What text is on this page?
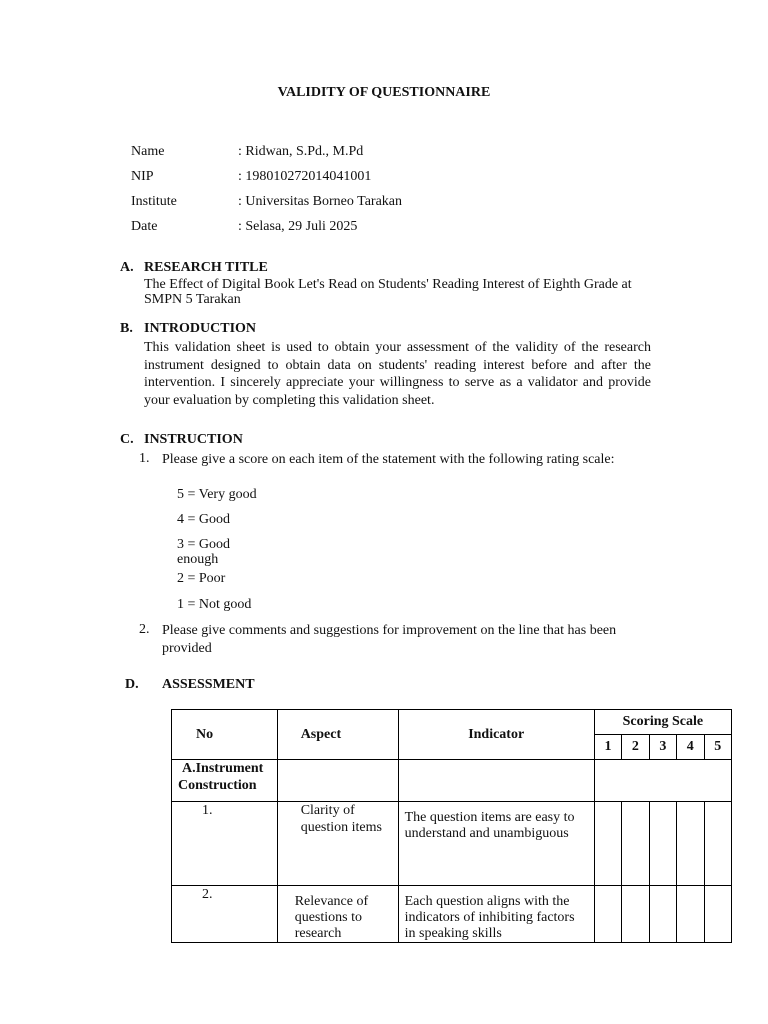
VALIDITY OF QUESTIONNAIRE
Name	: Ridwan, S.Pd., M.Pd
NIP	: 198010272014041001
Institute	: Universitas Borneo Tarakan
Date	: Selasa, 29 Juli 2025
A. RESEARCH TITLE
The Effect of Digital Book Let's Read on Students' Reading Interest of Eighth Grade at
SMPN 5 Tarakan
B. INTRODUCTION
This validation sheet is used to obtain your assessment of the validity of the research instrument designed to obtain data on students' reading interest before and after the intervention. I sincerely appreciate your willingness to serve as a validator and provide your evaluation by completing this validation sheet.
C. INSTRUCTION
1. Please give a score on each item of the statement with the following rating scale:
5 = Very good
4 = Good
3 = Good
enough
2 = Poor
1 = Not good
2. Please give comments and suggestions for improvement on the line that has been provided
D. ASSESSMENT
No	Aspect	Indicator	Scoring Scale				
			1	2	3	4	5

A.Instrument
Construction							

1.	Clarity of question items	The question items are easy to understand and unambiguous					
2.	Relevance of questions to research	Each question aligns with the indicators of inhibiting factors in speaking skills					
